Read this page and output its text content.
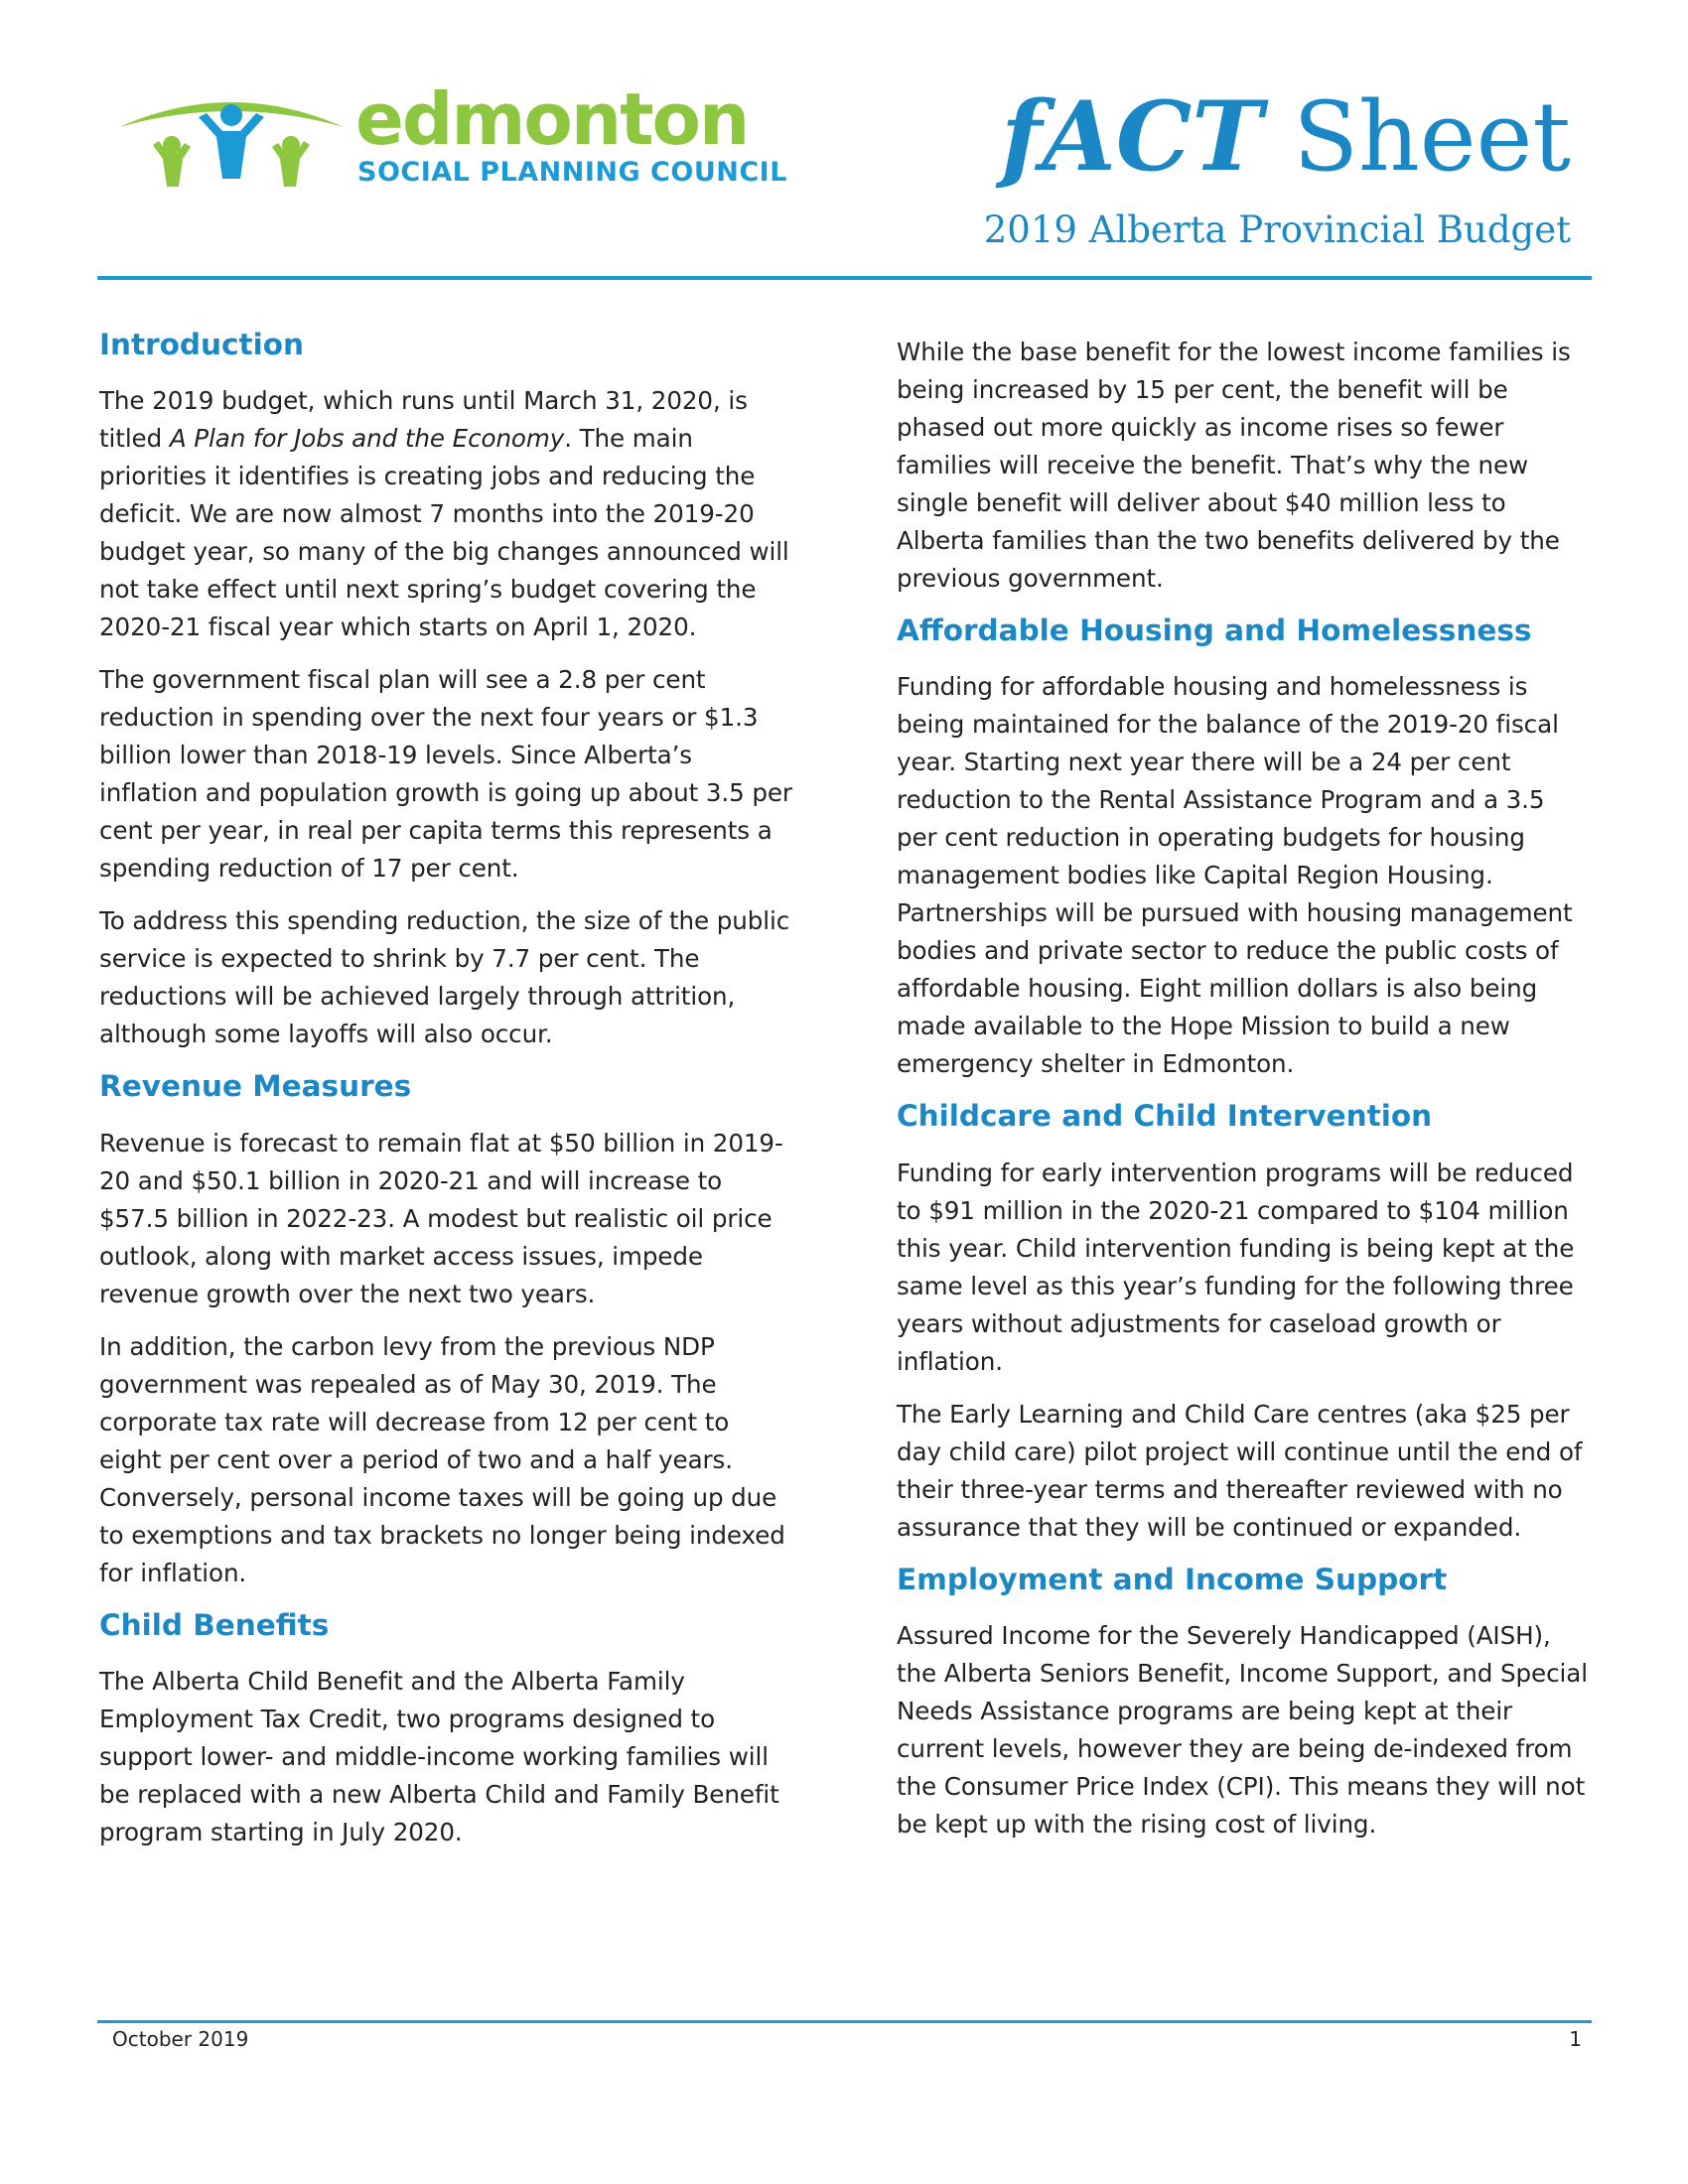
edmonton
SOCIAL PLANNING COUNCIL fACT Sheet
2019 Alberta Provincial Budget
Introduction

The 2019 budget, which runs until March 31, 2020, is titled A Plan for Jobs and the Economy. The main priorities it identifies is creating jobs and reducing the deficit. We are now almost 7 months into the 2019-20 budget year, so many of the big changes announced will not take effect until next spring’s budget covering the 2020-21 fiscal year which starts on April 1, 2020.

The government fiscal plan will see a 2.8 per cent reduction in spending over the next four years or $1.3 billion lower than 2018-19 levels. Since Alberta’s inflation and population growth is going up about 3.5 per cent per year, in real per capita terms this represents a spending reduction of 17 per cent.

To address this spending reduction, the size of the public service is expected to shrink by 7.7 per cent. The reductions will be achieved largely through attrition, although some layoffs will also occur.

Revenue Measures

Revenue is forecast to remain flat at $50 billion in 2019-20 and $50.1 billion in 2020-21 and will increase to $57.5 billion in 2022-23. A modest but realistic oil price outlook, along with market access issues, impede revenue growth over the next two years.

In addition, the carbon levy from the previous NDP government was repealed as of May 30, 2019. The corporate tax rate will decrease from 12 per cent to eight per cent over a period of two and a half years. Conversely, personal income taxes will be going up due to exemptions and tax brackets no longer being indexed for inflation.

Child Benefits

The Alberta Child Benefit and the Alberta Family Employment Tax Credit, two programs designed to support lower- and middle-income working families will be replaced with a new Alberta Child and Family Benefit program starting in July 2020.

While the base benefit for the lowest income families is being increased by 15 per cent, the benefit will be phased out more quickly as income rises so fewer families will receive the benefit. That’s why the new single benefit will deliver about $40 million less to Alberta families than the two benefits delivered by the previous government.

Affordable Housing and Homelessness

Funding for affordable housing and homelessness is being maintained for the balance of the 2019-20 fiscal year. Starting next year there will be a 24 per cent reduction to the Rental Assistance Program and a 3.5 per cent reduction in operating budgets for housing management bodies like Capital Region Housing. Partnerships will be pursued with housing management bodies and private sector to reduce the public costs of affordable housing. Eight million dollars is also being made available to the Hope Mission to build a new emergency shelter in Edmonton.

Childcare and Child Intervention

Funding for early intervention programs will be reduced to $91 million in the 2020-21 compared to $104 million this year. Child intervention funding is being kept at the same level as this year’s funding for the following three years without adjustments for caseload growth or inflation.

The Early Learning and Child Care centres (aka $25 per day child care) pilot project will continue until the end of their three-year terms and thereafter reviewed with no assurance that they will be continued or expanded.

Employment and Income Support

Assured Income for the Severely Handicapped (AISH), the Alberta Seniors Benefit, Income Support, and Special Needs Assistance programs are being kept at their current levels, however they are being de-indexed from the Consumer Price Index (CPI). This means they will not be kept up with the rising cost of living.

October 2019	1
